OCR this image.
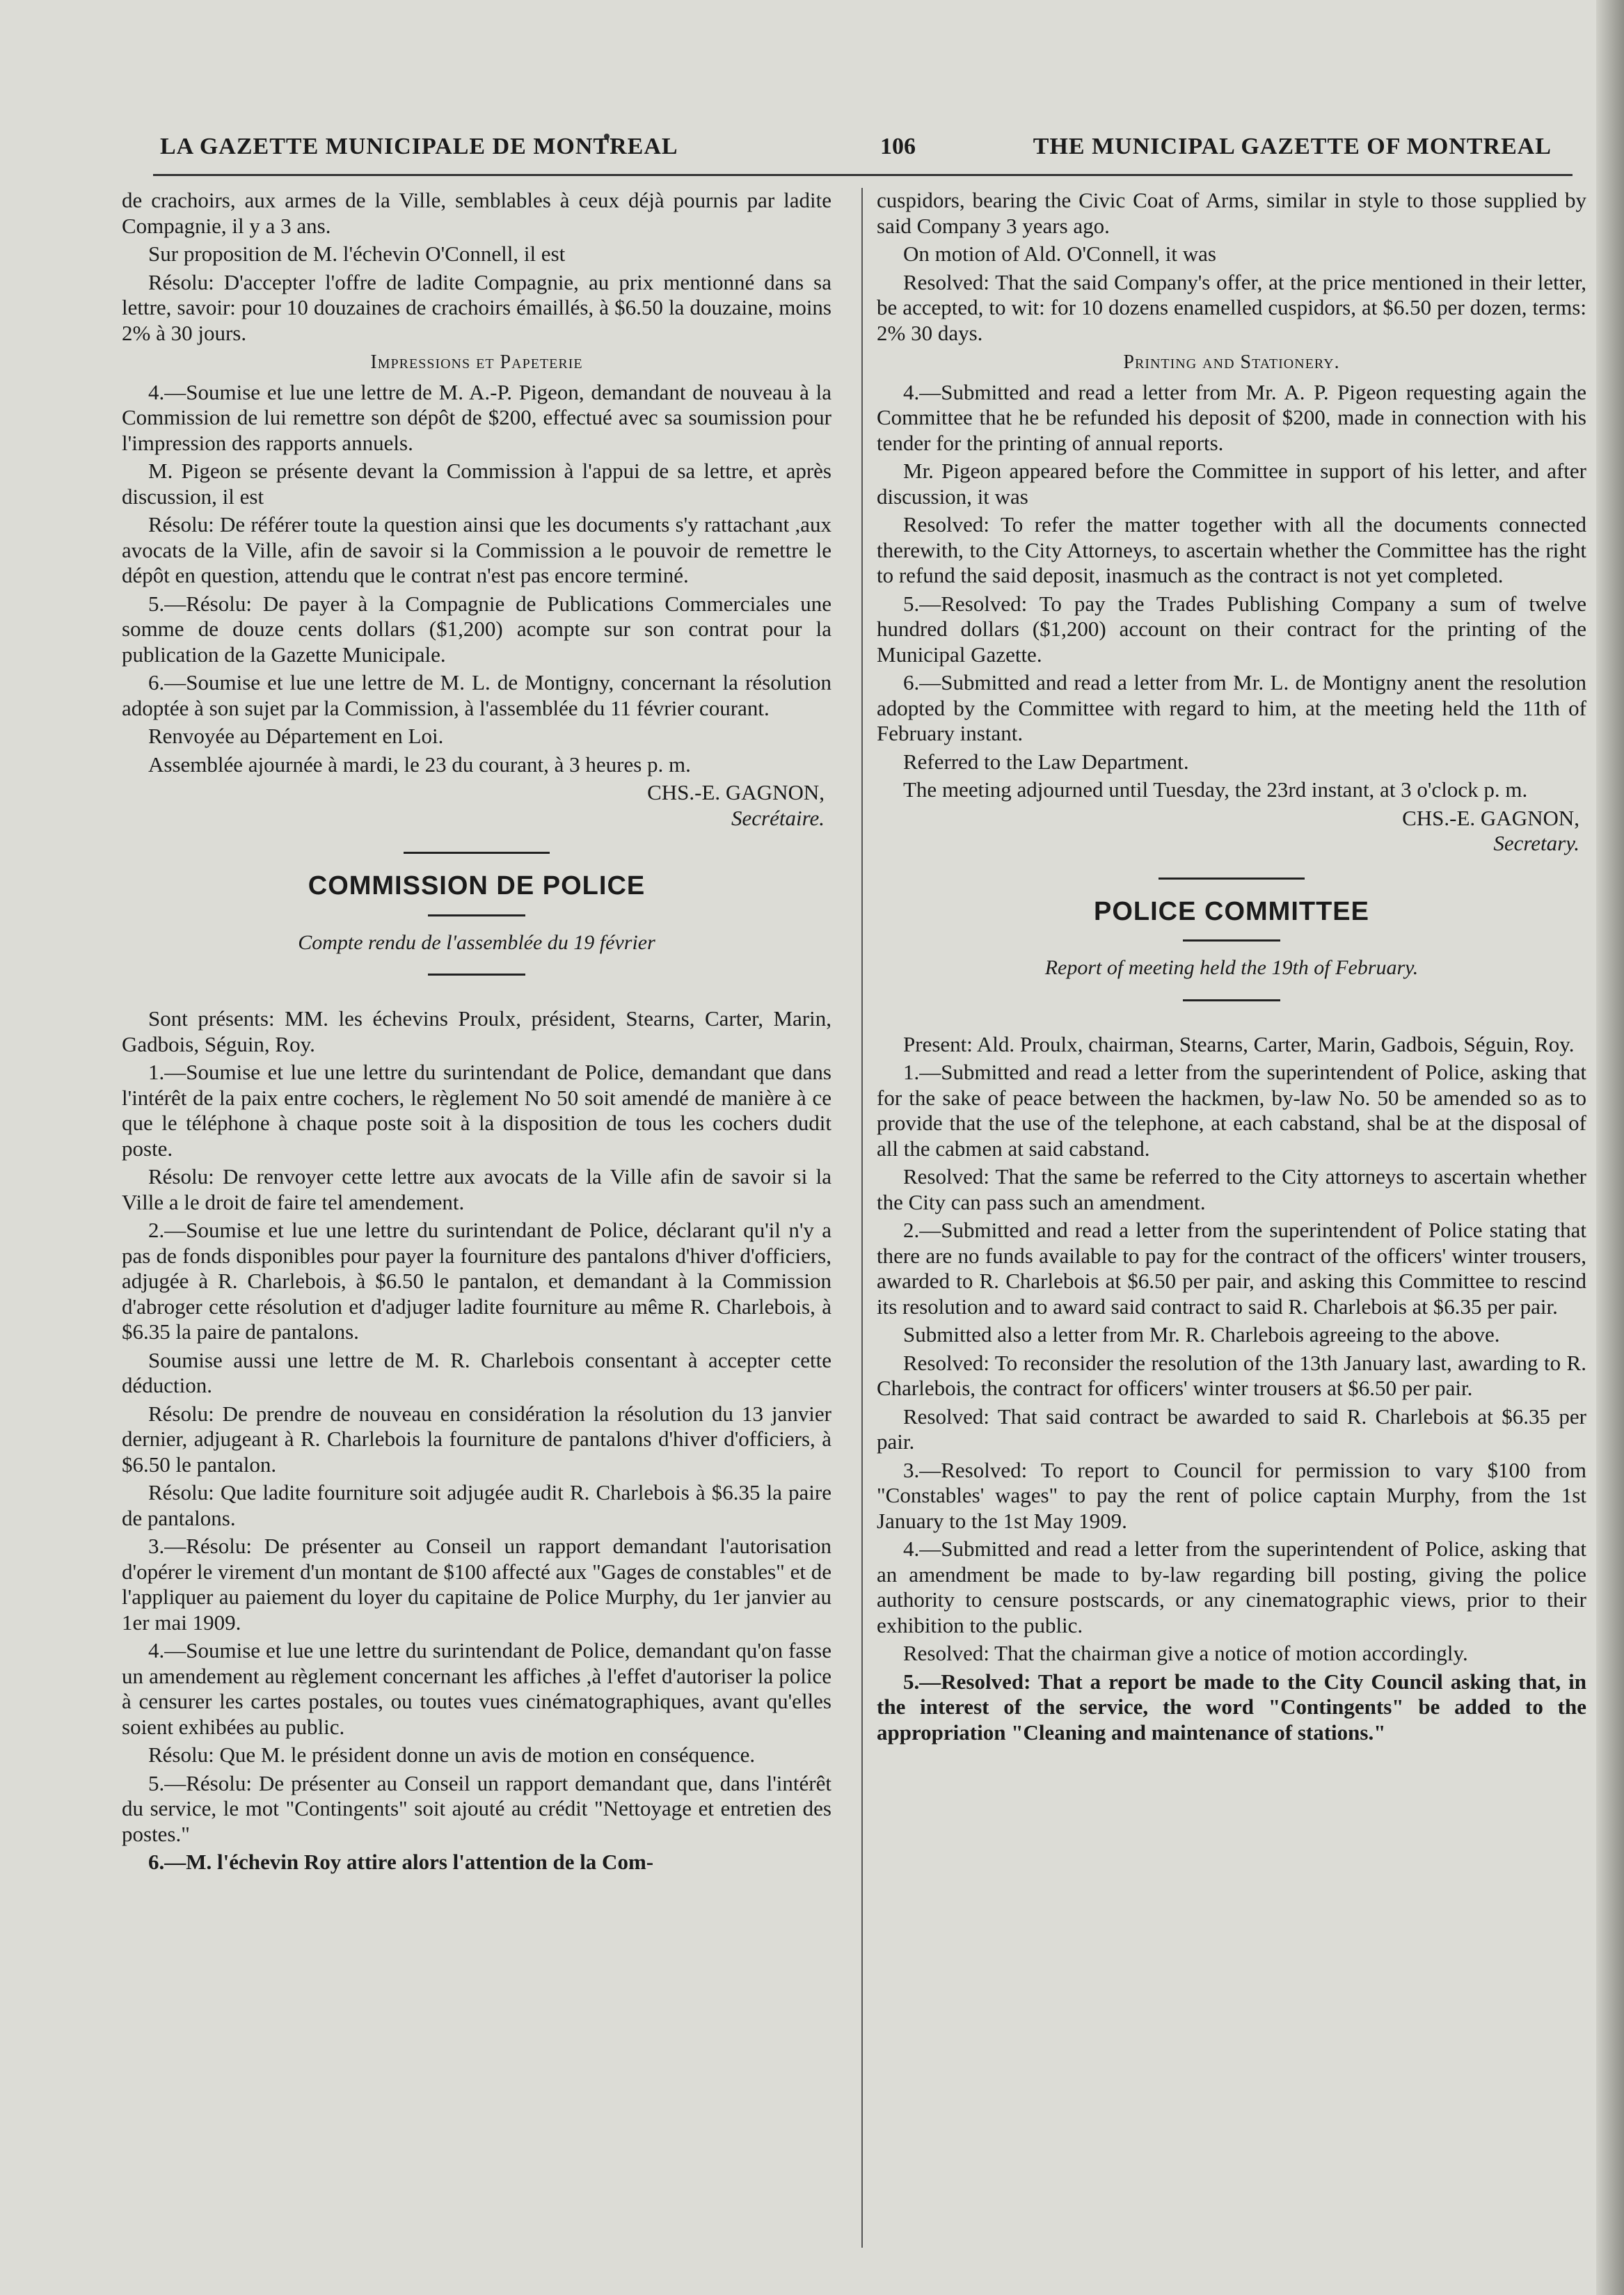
LA GAZETTE MUNICIPALE DE MONTREAL	106	THE MUNICIPAL GAZETTE OF MONTREAL

de crachoirs, aux armes de la Ville, semblables à ceux déjà pournis par ladite Compagnie, il y a 3 ans.

Sur proposition de M. l'échevin O'Connell, il est

Résolu: D'accepter l'offre de ladite Compagnie, au prix mentionné dans sa lettre, savoir: pour 10 douzaines de crachoirs émaillés, à $6.50 la douzaine, moins 2% à 30 jours.

Impressions et Papeterie

4.—Soumise et lue une lettre de M. A.-P. Pigeon, demandant de nouveau à la Commission de lui remettre son dépôt de $200, effectué avec sa soumission pour l'impression des rapports annuels.

M. Pigeon se présente devant la Commission à l'appui de sa lettre, et après discussion, il est

Résolu: De référer toute la question ainsi que les documents s'y rattachant ,aux avocats de la Ville, afin de savoir si la Commission a le pouvoir de remettre le dépôt en question, attendu que le contrat n'est pas encore terminé.

5.—Résolu: De payer à la Compagnie de Publications Commerciales une somme de douze cents dollars ($1,200) acompte sur son contrat pour la publication de la Gazette Municipale.

6.—Soumise et lue une lettre de M. L. de Montigny, concernant la résolution adoptée à son sujet par la Commission, à l'assemblée du 11 février courant.

Renvoyée au Département en Loi.

Assemblée ajournée à mardi, le 23 du courant, à 3 heures p. m.

CHS.-E. GAGNON,

Secrétaire.

COMMISSION DE POLICE

Compte rendu de l'assemblée du 19 février

Sont présents: MM. les échevins Proulx, président, Stearns, Carter, Marin, Gadbois, Séguin, Roy.

1.—Soumise et lue une lettre du surintendant de Police, demandant que dans l'intérêt de la paix entre cochers, le règlement No 50 soit amendé de manière à ce que le téléphone à chaque poste soit à la disposition de tous les cochers dudit poste.

Résolu: De renvoyer cette lettre aux avocats de la Ville afin de savoir si la Ville a le droit de faire tel amendement.

2.—Soumise et lue une lettre du surintendant de Police, déclarant qu'il n'y a pas de fonds disponibles pour payer la fourniture des pantalons d'hiver d'officiers, adjugée à R. Charlebois, à $6.50 le pantalon, et demandant à la Commission d'abroger cette résolution et d'adjuger ladite fourniture au même R. Charlebois, à $6.35 la paire de pantalons.

Soumise aussi une lettre de M. R. Charlebois consentant à accepter cette déduction.

Résolu: De prendre de nouveau en considération la résolution du 13 janvier dernier, adjugeant à R. Charlebois la fourniture de pantalons d'hiver d'officiers, à $6.50 le pantalon.

Résolu: Que ladite fourniture soit adjugée audit R. Charlebois à $6.35 la paire de pantalons.

3.—Résolu: De présenter au Conseil un rapport demandant l'autorisation d'opérer le virement d'un montant de $100 affecté aux "Gages de constables" et de l'appliquer au paiement du loyer du capitaine de Police Murphy, du 1er janvier au 1er mai 1909.

4.—Soumise et lue une lettre du surintendant de Police, demandant qu'on fasse un amendement au règlement concernant les affiches ,à l'effet d'autoriser la police à censurer les cartes postales, ou toutes vues cinématographiques, avant qu'elles soient exhibées au public.

Résolu: Que M. le président donne un avis de motion en conséquence.

5.—Résolu: De présenter au Conseil un rapport demandant que, dans l'intérêt du service, le mot "Contingents" soit ajouté au crédit "Nettoyage et entretien des postes."

6.—M. l'échevin Roy attire alors l'attention de la Com-

cuspidors, bearing the Civic Coat of Arms, similar in style to those supplied by said Company 3 years ago.

On motion of Ald. O'Connell, it was

Resolved: That the said Company's offer, at the price mentioned in their letter, be accepted, to wit: for 10 dozens enamelled cuspidors, at $6.50 per dozen, terms: 2% 30 days.

Printing and Stationery.

4.—Submitted and read a letter from Mr. A. P. Pigeon requesting again the Committee that he be refunded his deposit of $200, made in connection with his tender for the printing of annual reports.

Mr. Pigeon appeared before the Committee in support of his letter, and after discussion, it was

Resolved: To refer the matter together with all the documents connected therewith, to the City Attorneys, to ascertain whether the Committee has the right to refund the said deposit, inasmuch as the contract is not yet completed.

5.—Resolved: To pay the Trades Publishing Company a sum of twelve hundred dollars ($1,200) account on their contract for the printing of the Municipal Gazette.

6.—Submitted and read a letter from Mr. L. de Montigny anent the resolution adopted by the Committee with regard to him, at the meeting held the 11th of February instant.

Referred to the Law Department.

The meeting adjourned until Tuesday, the 23rd instant, at 3 o'clock p. m.

CHS.-E. GAGNON,

Secretary.

POLICE COMMITTEE

Report of meeting held the 19th of February.

Present: Ald. Proulx, chairman, Stearns, Carter, Marin, Gadbois, Séguin, Roy.

1.—Submitted and read a letter from the superintendent of Police, asking that for the sake of peace between the hackmen, by-law No. 50 be amended so as to provide that the use of the telephone, at each cabstand, shal be at the disposal of all the cabmen at said cabstand.

Resolved: That the same be referred to the City attorneys to ascertain whether the City can pass such an amendment.

2.—Submitted and read a letter from the superintendent of Police stating that there are no funds available to pay for the contract of the officers' winter trousers, awarded to R. Charlebois at $6.50 per pair, and asking this Committee to rescind its resolution and to award said contract to said R. Charlebois at $6.35 per pair.

Submitted also a letter from Mr. R. Charlebois agreeing to the above.

Resolved: To reconsider the resolution of the 13th January last, awarding to R. Charlebois, the contract for officers' winter trousers at $6.50 per pair.

Resolved: That said contract be awarded to said R. Charlebois at $6.35 per pair.

3.—Resolved: To report to Council for permission to vary $100 from "Constables' wages" to pay the rent of police captain Murphy, from the 1st January to the 1st May 1909.

4.—Submitted and read a letter from the superintendent of Police, asking that an amendment be made to by-law regarding bill posting, giving the police authority to censure postscards, or any cinematographic views, prior to their exhibition to the public.

Resolved: That the chairman give a notice of motion accordingly.

5.—Resolved: That a report be made to the City Council asking that, in the interest of the service, the word "Contingents" be added to the appropriation "Cleaning and maintenance of stations."
